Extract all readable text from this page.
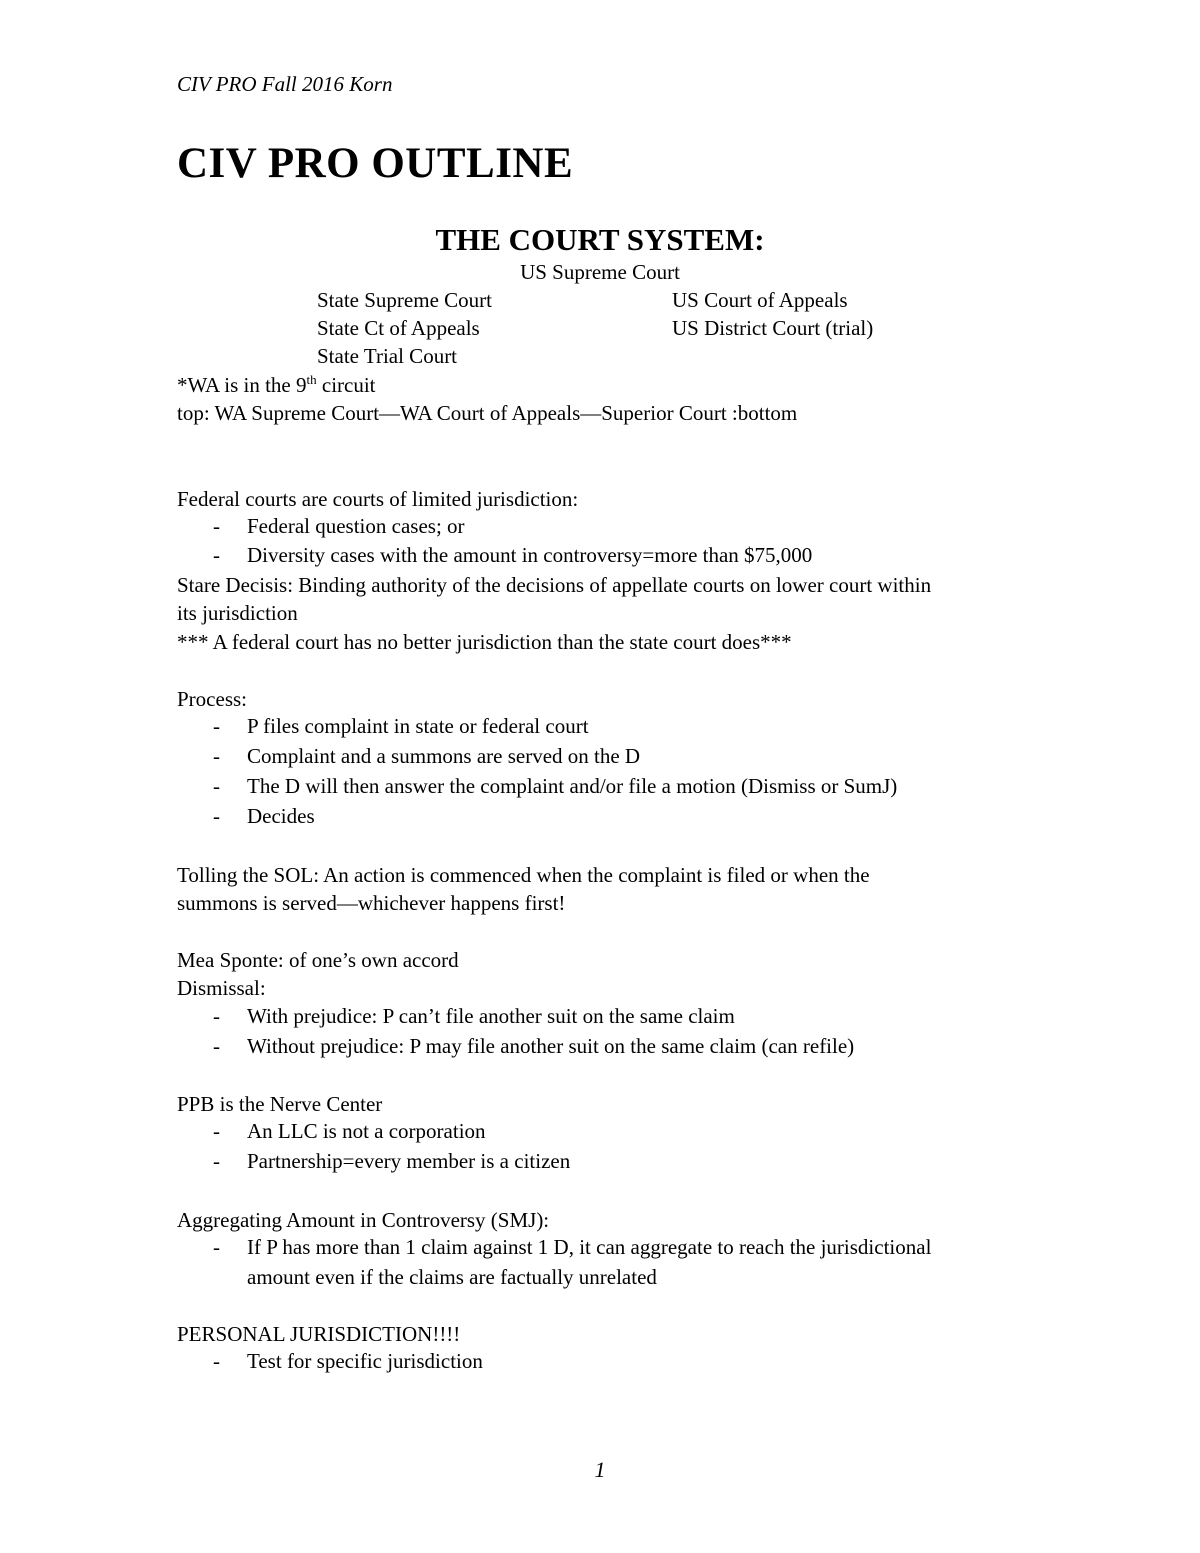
CIV PRO Fall 2016 Korn
CIV PRO OUTLINE
THE COURT SYSTEM:
US Supreme Court
State Supreme Court
State Ct of Appeals
State Trial Court
US Court of Appeals
US District Court (trial)
*WA is in the 9th circuit
top: WA Supreme Court—WA Court of Appeals—Superior Court :bottom
Federal courts are courts of limited jurisdiction:
- Federal question cases; or
- Diversity cases with the amount in controversy=more than $75,000
Stare Decisis: Binding authority of the decisions of appellate courts on lower court within
its jurisdiction
*** A federal court has no better jurisdiction than the state court does***
Process:
- P files complaint in state or federal court
- Complaint and a summons are served on the D
- The D will then answer the complaint and/or file a motion (Dismiss or SumJ)
- Decides
Tolling the SOL: An action is commenced when the complaint is filed or when the
summons is served—whichever happens first!
Mea Sponte: of one’s own accord
Dismissal:
- With prejudice: P can’t file another suit on the same claim
- Without prejudice: P may file another suit on the same claim (can refile)
PPB is the Nerve Center
- An LLC is not a corporation
- Partnership=every member is a citizen
Aggregating Amount in Controversy (SMJ):
- If P has more than 1 claim against 1 D, it can aggregate to reach the jurisdictional
amount even if the claims are factually unrelated
PERSONAL JURISDICTION!!!!
- Test for specific jurisdiction
1
